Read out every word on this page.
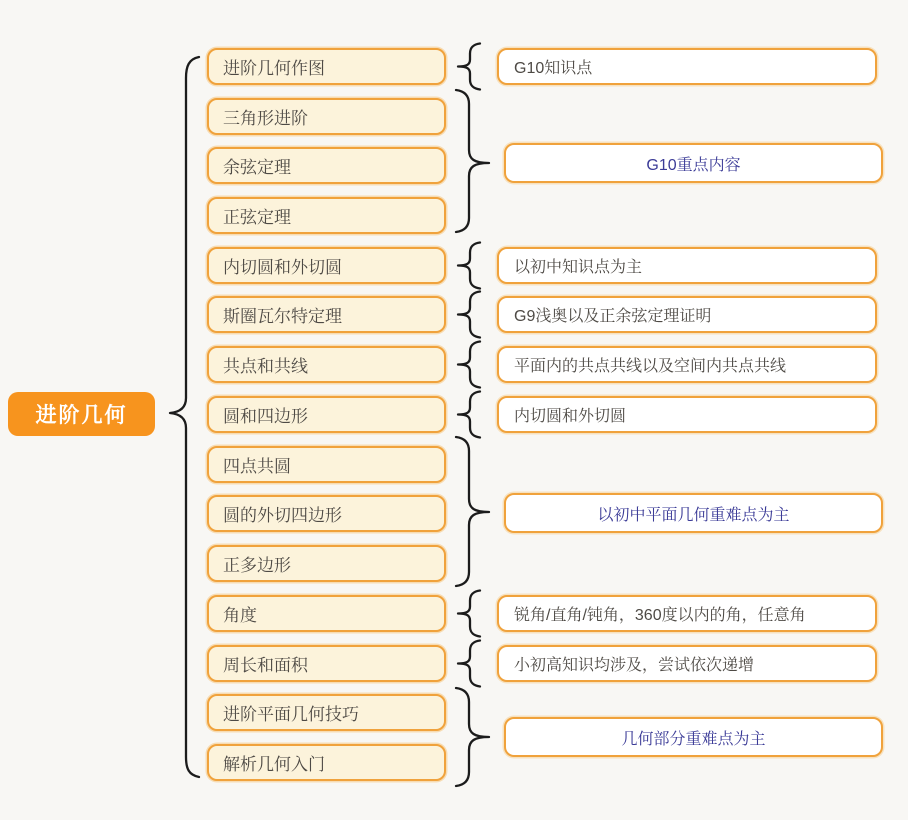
进阶几何
进阶几何作图
三角形进阶
余弦定理
正弦定理
内切圆和外切圆
斯圈瓦尔特定理
共点和共线
圆和四边形
四点共圆
圆的外切四边形
正多边形
角度
周长和面积
进阶平面几何技巧
解析几何入门
G10知识点
G10重点内容
以初中知识点为主
G9浅奥以及正余弦定理证明
平面内的共点共线以及空间内共点共线
内切圆和外切圆
以初中平面几何重难点为主
锐角/直角/钝角，360度以内的角，任意角
小初高知识均涉及，尝试依次递增
几何部分重难点为主
